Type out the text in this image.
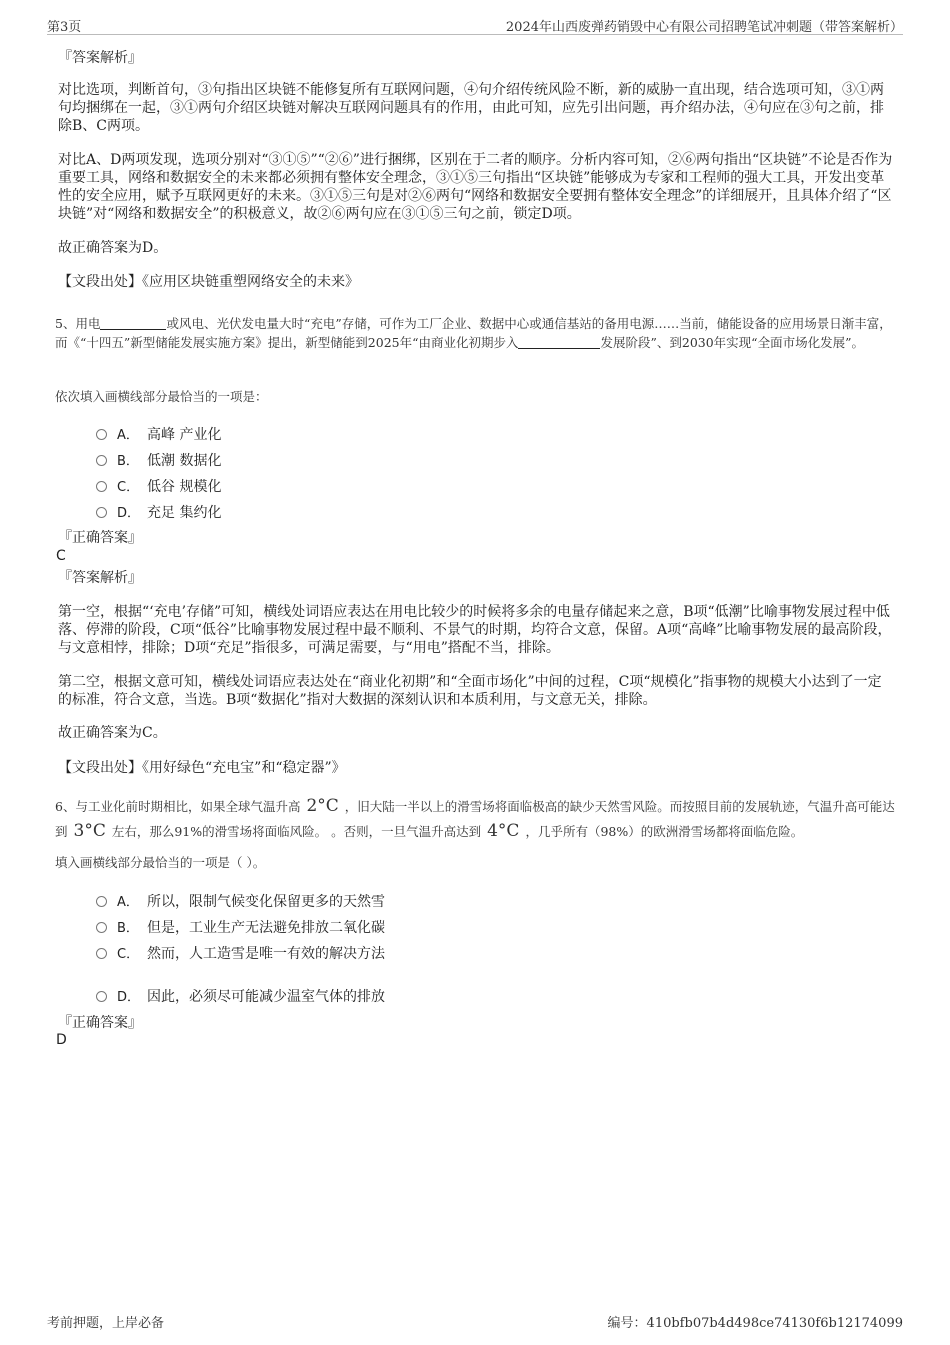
第3页	2024年山西废弹药销毁中心有限公司招聘笔试冲刺题（带答案解析）
『答案解析』
对比选项，判断首句，③句指出区块链不能修复所有互联网问题，④句介绍传统风险不断，新的威胁一直出现，结合选项可知，③①两句均捆绑在一起，③①两句介绍区块链对解决互联网问题具有的作用，由此可知，应先引出问题，再介绍办法，④句应在③句之前，排除B、C两项。
对比A、D两项发现，选项分别对“③①⑤”“②⑥”进行捆绑，区别在于二者的顺序。分析内容可知，②⑥两句指出“区块链”不论是否作为重要工具，网络和数据安全的未来都必须拥有整体安全理念，③①⑤三句指出“区块链”能够成为专家和工程师的强大工具，开发出变革性的安全应用，赋予互联网更好的未来。③①⑤三句是对②⑥两句“网络和数据安全要拥有整体安全理念”的详细展开，且具体介绍了“区块链”对“网络和数据安全”的积极意义，故②⑥两句应在③①⑤三句之前，锁定D项。
故正确答案为D。
【文段出处】《应用区块链重塑网络安全的未来》
5、用电	或风电、光伏发电量大时“充电”存储，可作为工厂企业、数据中心或通信基站的备用电源……当前，储能设备的应用场景日渐丰富，而《“十四五”新型储能发展实施方案》提出，新型储能到2025年“由商业化初期步入	发展阶段”、到2030年实现“全面市场化发展”。
依次填入画横线部分最恰当的一项是：
A． 高峰 产业化
B． 低潮 数据化
C． 低谷 规模化
D． 充足 集约化
『正确答案』
C
『答案解析』
第一空，根据“‘充电’存储”可知，横线处词语应表达在用电比较少的时候将多余的电量存储起来之意，B项“低潮”比喻事物发展过程中低落、停滞的阶段，C项“低谷”比喻事物发展过程中最不顺利、不景气的时期，均符合文意，保留。A项“高峰”比喻事物发展的最高阶段，与文意相悖，排除；D项“充足”指很多，可满足需要，与“用电”搭配不当，排除。
第二空，根据文意可知，横线处词语应表达处在“商业化初期”和“全面市场化”中间的过程，C项“规模化”指事物的规模大小达到了一定的标准，符合文意，当选。B项“数据化”指对大数据的深刻认识和本质利用，与文意无关，排除。
故正确答案为C。
【文段出处】《用好绿色“充电宝”和“稳定器”》
6、与工业化前时期相比，如果全球气温升高 2°C ，旧大陆一半以上的滑雪场将面临极高的缺少天然雪风险。而按照目前的发展轨迹，气温升高可能达到 3°C 左右，那么91%的滑雪场将面临风险。 。否则，一旦气温升高达到 4°C ，几乎所有（98%）的欧洲滑雪场都将面临危险。
填入画横线部分最恰当的一项是（ ）。
A． 所以，限制气候变化保留更多的天然雪
B． 但是，工业生产无法避免排放二氧化碳
C． 然而，人工造雪是唯一有效的解决方法
D． 因此，必须尽可能减少温室气体的排放
『正确答案』
D
考前押题，上岸必备	编号：410bfb07b4d498ce74130f6b12174099
